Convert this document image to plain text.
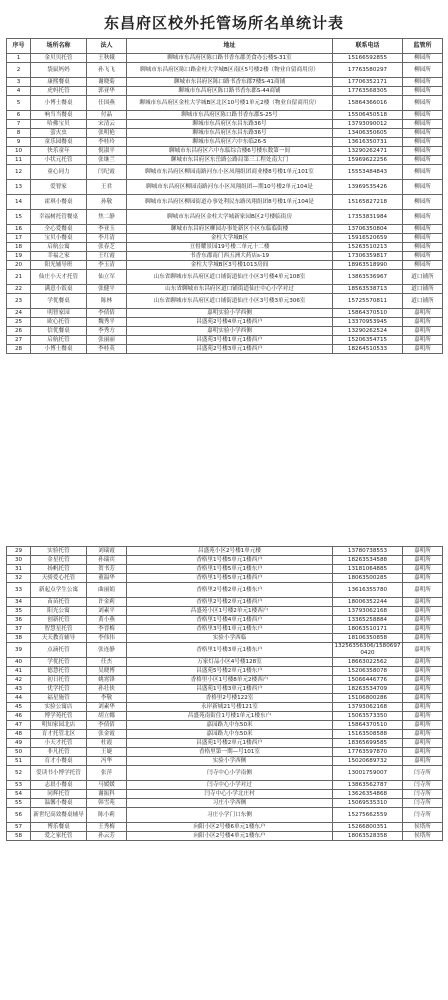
东昌府区校外托管场所名单统计表
序号	场所名称	法人	地址	联系电话	监管所
1	金贝贝托管	王秋娥	聊城市东昌府区陈口路书香东郡美食办公楼S-31室	15166592855	柳园所
2	袋鼠妈妈	孙飞飞	聊城市东昌府区陈口路金柱大学城B区南区5号楼2楼（物业自留商用房）	17763580297	柳园所
3	康熙餐桌	谢晓菊	聊城市东昌府区陈口路书香东郡7楼S-41商铺	17706352171	柳园所
4	虎妈托管	郭亚华	聊城市东昌府区陈口路书香东郡S-44商铺	17763568305	柳园所
5	小博士餐桌	任国燕	聊城市东昌府区金柱大学城B区北区10号楼1单元2楼（物业自留商用房）	15864366016	柳园所
6	响当当餐桌	付晶	聊城市东昌府区陈口路书香东郡S-25号	15506450518	柳园所
7	哈佛宝贝	宋清云	聊城市东昌府区东昌东路36号	13793090012	柳园所
8	萤火虫	张明艳	聊城市东昌府区东昌东路36号	13406350605	柳园所
9	童乐园餐桌	李桂玲	聊城市东昌府区六中东临26-5	13616350731	柳园所
10	快乐童年	倪淑平	聊城市东昌府区六中东临综合楼6号楼东数第一间	13290262471	柳园所
11	小状元托管	张继兰	聊城市东昌府区东岳路公路局第三工程处南大门	15969622256	柳园所
12	童心同力	闫纪霞	聊城市东昌府区柳园南路河东小区凤翔组团商业楼8号楼1单元101室	15553484843	柳园所
13	爱智家	王君	聊城市东昌府区柳园南路河东小区凤翔组团—期10号楼2单元104是	13969535426	柳园所
14	霍琪小餐桌	孙敬	聊城市东昌府区柳园街道办事处利民东路凤翔组团8号楼1单元104是	15165827218	柳园所
15	幸福树托管餐桌	焦二静	聊城市东昌府区金柱大学城新家园B区2号楼临街房	17353831984	柳园所
16	全心爱餐桌	李亚玉	聊城市东昌府区柳园办事处新区小区东临临街楼	13706350804	柳园所
17	宝贝小餐桌	李月清	金柱大学城B区	15916520659	柳园所
18	启航公寓	张春芝	亘督耀景园19号楼二单元十二楼	15263510213	柳园所
19	幸福之家	王红霞	书香东郡南门西五洲大药店s-19	17306359817	柳园所
20	阳光辅导班	李玉清	金柱大学城B区3号楼1013房间	18963518990	柳园所
21	仙庄小天才托管	仙立军	山东省聊城市东昌府区道口铺街道仙庄小区3号楼4单元108室	13863536967	道口铺所
22	满意小饭桌	张健平	山东省聊城市东昌府区道口铺街道仙庄中心小学对过	18563538713	道口铺所
23	学优餐桌	陈林	山东省聊城市东昌府区道口铺街道仙庄小区3号楼3单元306室	15725570811	道口铺所
24	明智家园	李倩倩	嘉明实验小学西侧	15864370510	嘉明所
25	欧心托管	魏秀平	昌盛苑2号楼4单元1楼西户	13370953945	嘉明所
26	信优餐桌	李秀方	嘉明实验小学西侧	13290262524	嘉明所
27	启航托管	张丽丽	昌盛苑3号楼1单元1楼西户	15206354715	嘉明所
28	小博士餐桌	李桂英	昌盛苑2号楼3单元1楼西户	18264510533	嘉明所
29	实验托管	刘瑞霞	昌盛苑小区2号楼1单元楼	13780738553	嘉明所
30	金星托管	孙瑞宾	香格里1号楼5单元1楼西户	18263534588	嘉明所
31	扬帆托管	贺书芳	香格里1号楼5单元1楼东户	13181064885	嘉明所
32	天骄爱心托管	董温华	香格里1号楼5单元1楼西户	18063500285	嘉明所
33	新起点学生公寓	曲丽娟	香格里2号楼2单元1楼东户	13616355780	嘉明所
34	苗苗托管	许金莉	香格里2号楼2单元1楼西户	18006352244	嘉明所
35	阳光公寓	刘素平	昌盛苑小区1号楼2单元1楼西户	13793062168	嘉明所
36	创新托管	黄小燕	香格里1号楼4单元1楼西户	13365258884	嘉明所
37	智慧星托管	李晋梅	香格里3号楼1单元1楼东户	18063510171	嘉明所
38	天天教育辅导	李伟伟	实验小学西临	18106350858	嘉明所
39	点滴托管	张连静	香格里1号楼3单元1楼东户	13256356306/15806970420	嘉明所
40	学优托管	任杰	万家灯品小区4号楼128室	18663022562	嘉明所
41	德慧托管	吴晓博	昌盛苑5号楼2单元1楼东户	15206358078	嘉明所
42	初日托管	姚霄锋	香格里小区1号楼8单元2楼西户	15066446776	嘉明所
43	优学托管	孙壮侠	昌盛苑1号楼3单元1楼西户	18263534709	嘉明所
44	福星施管	李敬	香格里2号楼122室	15106800286	嘉明所
45	实验公寓店	刘素华	永岸新城21号楼121室	13793062168	嘉明所
46	博学苑托管	胡立娜	昌盛苑南街住1号楼1单元1楼东户	15063573350	嘉明所
47	明知家园北店	李倩倩	嘉园路九中东50米	15864370510	嘉明所
48	育才托管北区	张金霞	嘉园路九中东50米	15163508588	嘉明所
49	小天才托管	杜霞	昌盛苑1号楼2单元1楼西户	18365699585	嘉明所
50	非凡托管	王婕	香格里第一期—号101室	17763597870	嘉明所
51	育才小餐桌	冯华	实验小学西侧	15020689732	嘉明所
52	爱读书小博学托管	张萍	闫寺中心小学南侧	13001759007	闫寺所
53	志晨小餐桌	马媛媛	闫寺中心小学对过	13863562787	闫寺所
54	同辉托管	谢振科	闫寺中心小学北庄村	13626354868	闫寺所
55	温馨小餐桌	韩雪苑	习庄小学西侧	15069535310	闫寺所
56	新世纪高效餐桌辅导	陈小莉	习庄小学门口东侧	15275662559	闫寺所
57	博乐餐桌	王秀梅	向阳小区2号楼6单元1楼东户	15266800351	侯塔所
58	爱之家托管	孙云芳	向阳小区2号楼4单元1楼东户	18063528358	侯塔所
